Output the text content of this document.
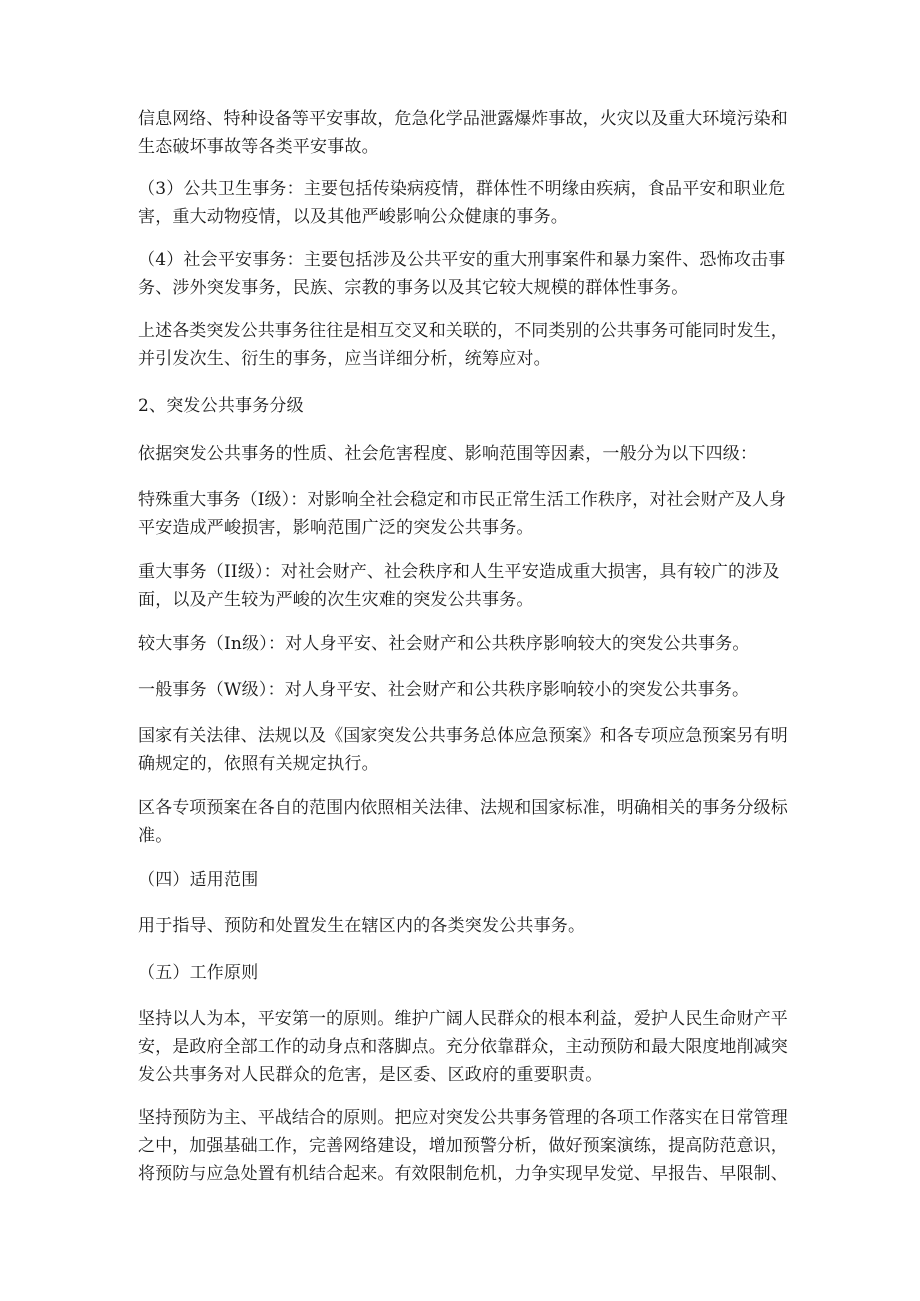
信息网络、特种设备等平安事故，危急化学品泄露爆炸事故，火灾以及重大环境污染和
生态破坏事故等各类平安事故。
（3）公共卫生事务：主要包括传染病疫情，群体性不明缘由疾病，食品平安和职业危
害，重大动物疫情，以及其他严峻影响公众健康的事务。
（4）社会平安事务：主要包括涉及公共平安的重大刑事案件和暴力案件、恐怖攻击事
务、涉外突发事务，民族、宗教的事务以及其它较大规模的群体性事务。
上述各类突发公共事务往往是相互交叉和关联的，不同类别的公共事务可能同时发生，
并引发次生、衍生的事务，应当详细分析，统筹应对。
2、突发公共事务分级
依据突发公共事务的性质、社会危害程度、影响范围等因素，一般分为以下四级：
特殊重大事务（I级）：对影响全社会稳定和市民正常生活工作秩序，对社会财产及人身
平安造成严峻损害，影响范围广泛的突发公共事务。
重大事务（II级）：对社会财产、社会秩序和人生平安造成重大损害，具有较广的涉及
面，以及产生较为严峻的次生灾难的突发公共事务。
较大事务（In级）：对人身平安、社会财产和公共秩序影响较大的突发公共事务。
一般事务（W级）：对人身平安、社会财产和公共秩序影响较小的突发公共事务。
国家有关法律、法规以及《国家突发公共事务总体应急预案》和各专项应急预案另有明
确规定的，依照有关规定执行。
区各专项预案在各自的范围内依照相关法律、法规和国家标准，明确相关的事务分级标
准。
（四）适用范围
用于指导、预防和处置发生在辖区内的各类突发公共事务。
（五）工作原则
坚持以人为本，平安第一的原则。维护广阔人民群众的根本利益，爱护人民生命财产平
安，是政府全部工作的动身点和落脚点。充分依靠群众，主动预防和最大限度地削减突
发公共事务对人民群众的危害，是区委、区政府的重要职责。
坚持预防为主、平战结合的原则。把应对突发公共事务管理的各项工作落实在日常管理
之中，加强基础工作，完善网络建设，增加预警分析，做好预案演练，提高防范意识，
将预防与应急处置有机结合起来。有效限制危机，力争实现早发觉、早报告、早限制、
